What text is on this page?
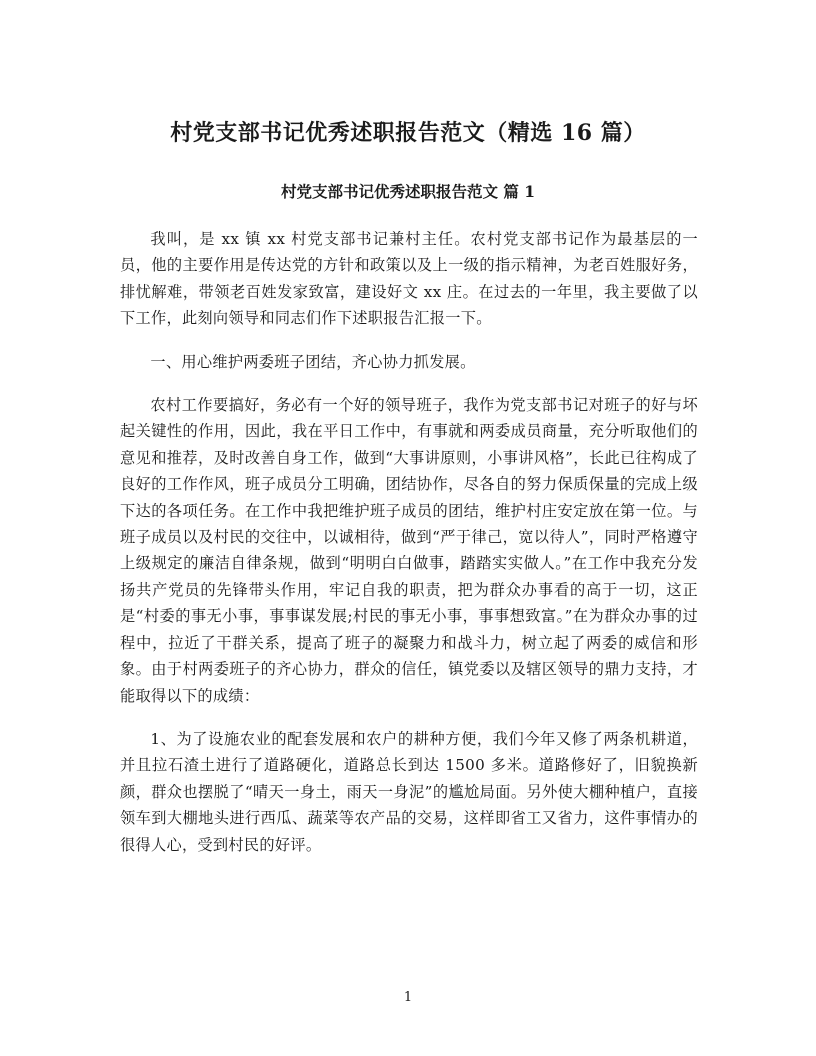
村党支部书记优秀述职报告范文（精选 16 篇）
村党支部书记优秀述职报告范文 篇 1

我叫，是 xx 镇 xx 村党支部书记兼村主任。农村党支部书记作为最基层的一员，他的主要作用是传达党的方针和政策以及上一级的指示精神，为老百姓服好务，排忧解难，带领老百姓发家致富，建设好文 xx 庄。在过去的一年里，我主要做了以下工作，此刻向领导和同志们作下述职报告汇报一下。

一、用心维护两委班子团结，齐心协力抓发展。

农村工作要搞好，务必有一个好的领导班子，我作为党支部书记对班子的好与坏起关键性的作用，因此，我在平日工作中，有事就和两委成员商量，充分听取他们的意见和推荐，及时改善自身工作，做到“大事讲原则，小事讲风格”，长此已往构成了良好的工作作风，班子成员分工明确，团结协作，尽各自的努力保质保量的完成上级下达的各项任务。在工作中我把维护班子成员的团结，维护村庄安定放在第一位。与班子成员以及村民的交往中，以诚相待，做到“严于律己，宽以待人”，同时严格遵守上级规定的廉洁自律条规，做到“明明白白做事，踏踏实实做人。”在工作中我充分发扬共产党员的先锋带头作用，牢记自我的职责，把为群众办事看的高于一切，这正是“村委的事无小事，事事谋发展;村民的事无小事，事事想致富。”在为群众办事的过程中，拉近了干群关系，提高了班子的凝聚力和战斗力，树立起了两委的威信和形象。由于村两委班子的齐心协力，群众的信任，镇党委以及辖区领导的鼎力支持，才能取得以下的成绩：

1、为了设施农业的配套发展和农户的耕种方便，我们今年又修了两条机耕道，并且拉石渣土进行了道路硬化，道路总长到达 1500 多米。道路修好了，旧貌换新颜，群众也摆脱了“晴天一身土，雨天一身泥”的尴尬局面。另外使大棚种植户，直接领车到大棚地头进行西瓜、蔬菜等农产品的交易，这样即省工又省力，这件事情办的很得人心，受到村民的好评。

1
